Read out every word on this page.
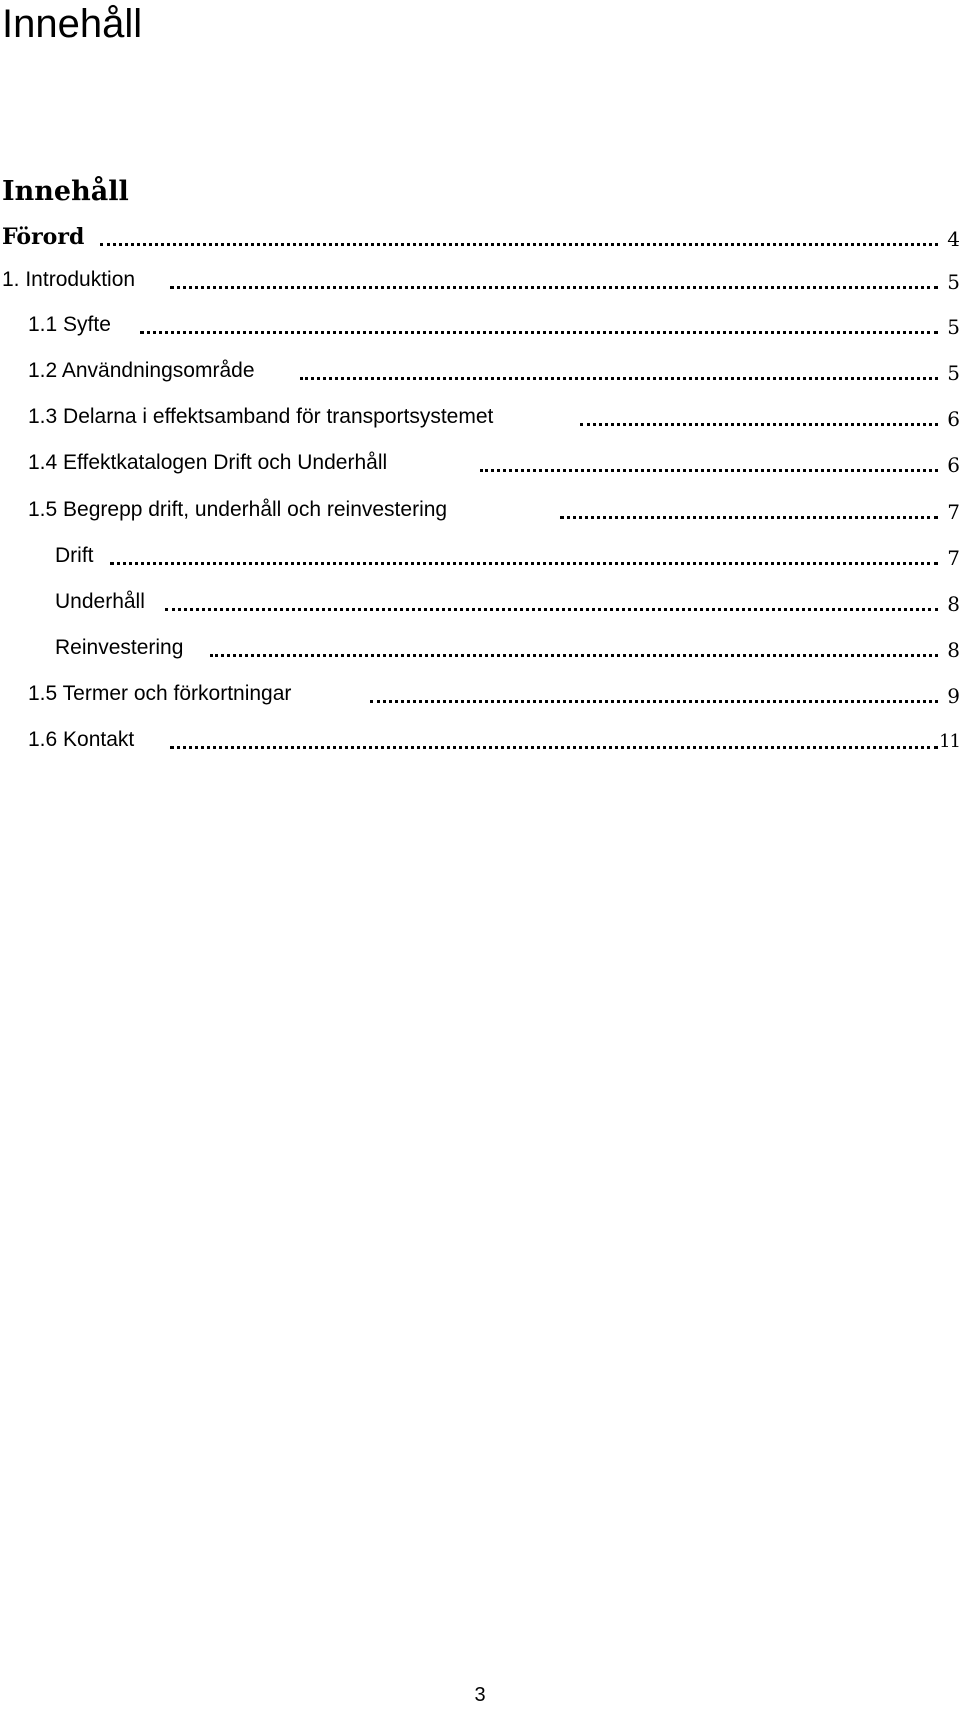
Innehåll
Innehåll
Förord	4
1. Introduktion	5
1.1 Syfte	5
1.2 Användningsområde	5
1.3 Delarna i effektsamband för transportsystemet	6
1.4 Effektkatalogen Drift och Underhåll	6
1.5 Begrepp drift, underhåll och reinvestering	7
Drift	7
Underhåll	8
Reinvestering	8
1.5 Termer och förkortningar	9
1.6 Kontakt	11
3
